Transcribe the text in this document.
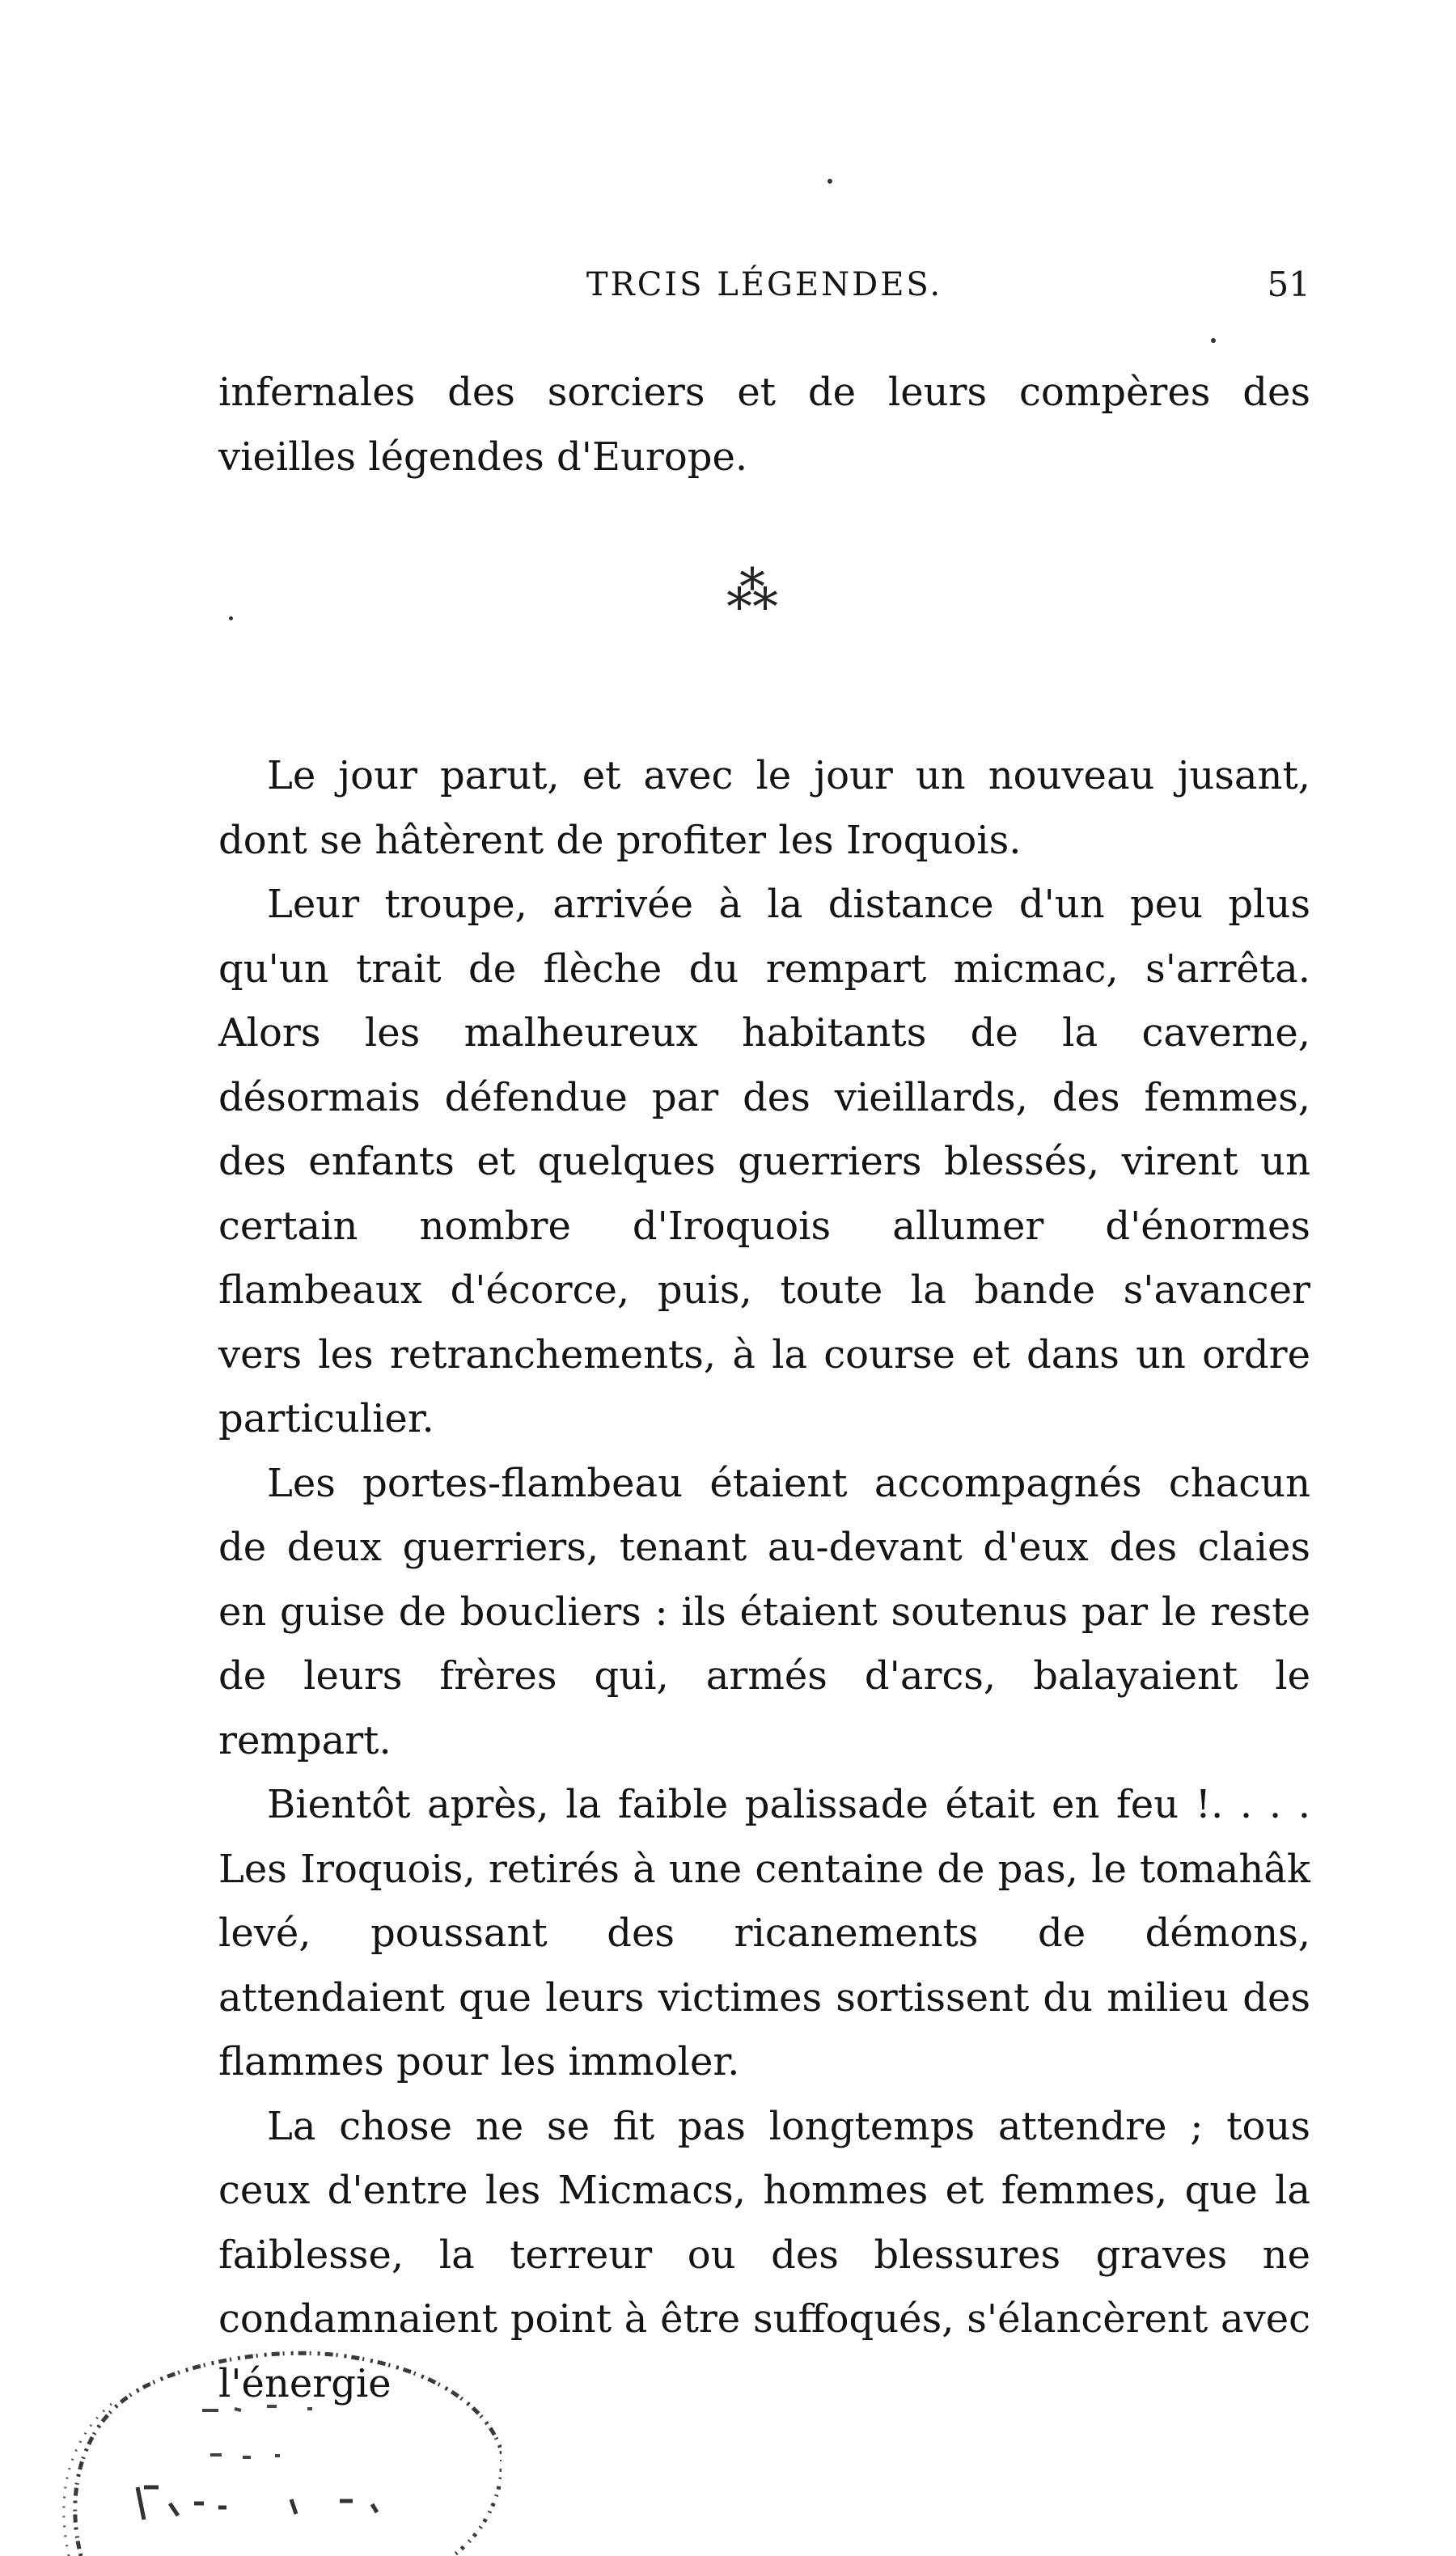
TRCIS LÉGENDES.	51

infernales des sorciers et de leurs compères des vieilles légendes d'Europe.

⁂

Le jour parut, et avec le jour un nouveau jusant, dont se hâtèrent de profiter les Iroquois.

Leur troupe, arrivée à la distance d'un peu plus qu'un trait de flèche du rempart micmac, s'arrêta. Alors les malheureux habitants de la caverne, désormais défendue par des vieillards, des femmes, des enfants et quelques guerriers blessés, virent un certain nombre d'Iroquois allumer d'énormes flambeaux d'écorce, puis, toute la bande s'avancer vers les retranchements, à la course et dans un ordre particulier.

Les portes-flambeau étaient accompagnés chacun de deux guerriers, tenant au-devant d'eux des claies en guise de boucliers : ils étaient soutenus par le reste de leurs frères qui, armés d'arcs, balayaient le rempart.

Bientôt après, la faible palissade était en feu !. . . . Les Iroquois, retirés à une centaine de pas, le tomahâk levé, poussant des ricanements de démons, attendaient que leurs victimes sortissent du milieu des flammes pour les immoler.

La chose ne se fit pas longtemps attendre ; tous ceux d'entre les Micmacs, hommes et femmes, que la faiblesse, la terreur ou des blessures graves ne condamnaient point à être suffoqués, s'élancèrent avec l'énergie
